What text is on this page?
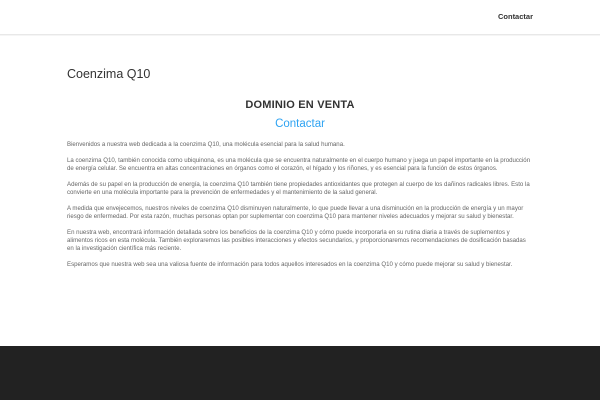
Contactar
Coenzima Q10
DOMINIO EN VENTA
Contactar

Bienvenidos a nuestra web dedicada a la coenzima Q10, una molécula esencial para la salud humana.

La coenzima Q10, también conocida como ubiquinona, es una molécula que se encuentra naturalmente en el cuerpo humano y juega un papel importante en la producción de energía celular. Se encuentra en altas concentraciones en órganos como el corazón, el hígado y los riñones, y es esencial para la función de estos órganos.

Además de su papel en la producción de energía, la coenzima Q10 también tiene propiedades antioxidantes que protegen al cuerpo de los dañinos radicales libres. Esto la convierte en una molécula importante para la prevención de enfermedades y el mantenimiento de la salud general.

A medida que envejecemos, nuestros niveles de coenzima Q10 disminuyen naturalmente, lo que puede llevar a una disminución en la producción de energía y un mayor riesgo de enfermedad. Por esta razón, muchas personas optan por suplementar con coenzima Q10 para mantener niveles adecuados y mejorar su salud y bienestar.

En nuestra web, encontrará información detallada sobre los beneficios de la coenzima Q10 y cómo puede incorporarla en su rutina diaria a través de suplementos y alimentos ricos en esta molécula. También exploraremos las posibles interacciones y efectos secundarios, y proporcionaremos recomendaciones de dosificación basadas en la investigación científica más reciente.

Esperamos que nuestra web sea una valiosa fuente de información para todos aquellos interesados en la coenzima Q10 y cómo puede mejorar su salud y bienestar.
